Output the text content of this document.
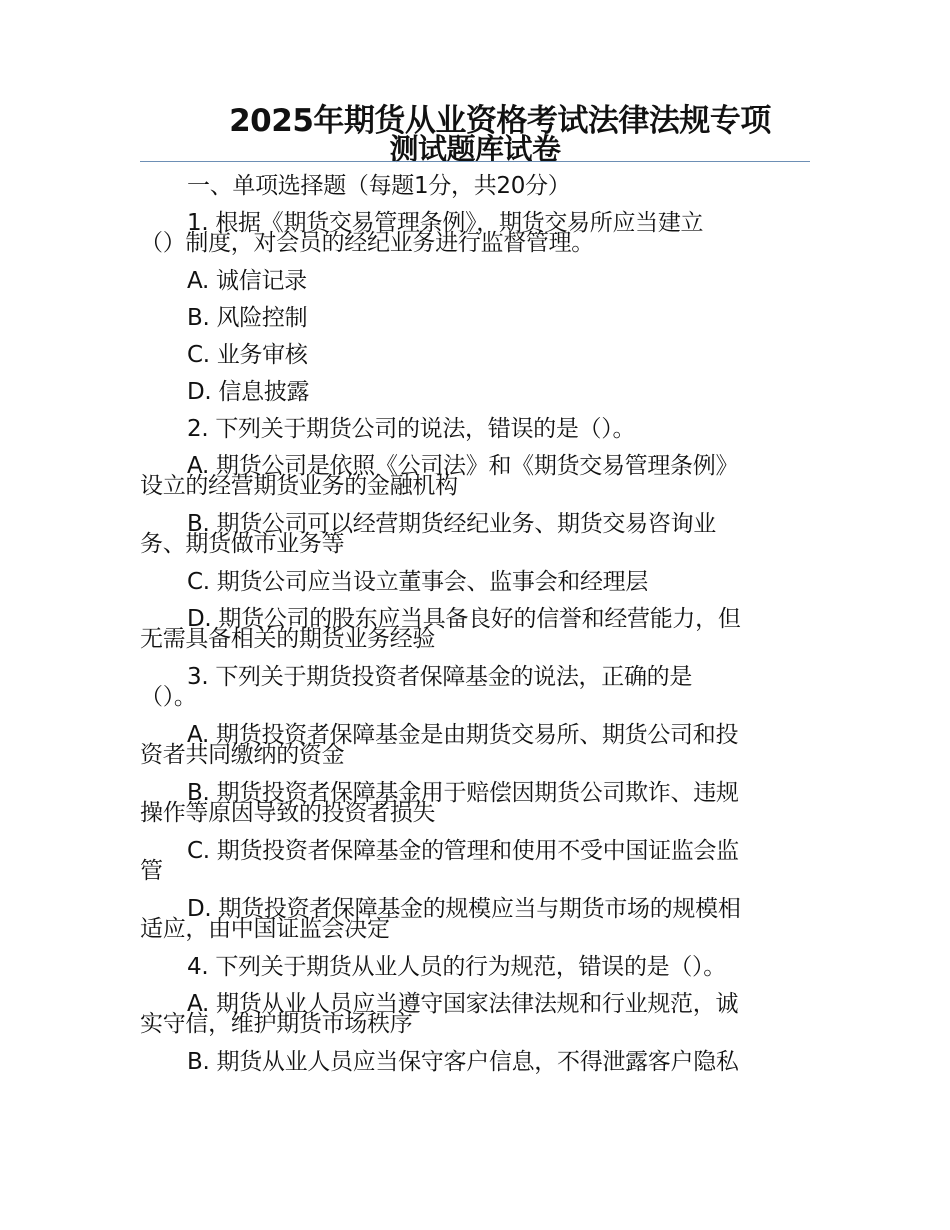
2025年期货从业资格考试法律法规专项
测试题库试卷
一、单项选择题（每题1分，共20分）
1. 根据《期货交易管理条例》，期货交易所应当建立
（）制度，对会员的经纪业务进行监督管理。
A. 诚信记录
B. 风险控制
C. 业务审核
D. 信息披露
2. 下列关于期货公司的说法，错误的是（）。
A. 期货公司是依照《公司法》和《期货交易管理条例》
设立的经营期货业务的金融机构
B. 期货公司可以经营期货经纪业务、期货交易咨询业
务、期货做市业务等
C. 期货公司应当设立董事会、监事会和经理层
D. 期货公司的股东应当具备良好的信誉和经营能力，但
无需具备相关的期货业务经验
3. 下列关于期货投资者保障基金的说法，正确的是
（）。
A. 期货投资者保障基金是由期货交易所、期货公司和投
资者共同缴纳的资金
B. 期货投资者保障基金用于赔偿因期货公司欺诈、违规
操作等原因导致的投资者损失
C. 期货投资者保障基金的管理和使用不受中国证监会监
管
D. 期货投资者保障基金的规模应当与期货市场的规模相
适应，由中国证监会决定
4. 下列关于期货从业人员的行为规范，错误的是（）。
A. 期货从业人员应当遵守国家法律法规和行业规范，诚
实守信，维护期货市场秩序
B. 期货从业人员应当保守客户信息，不得泄露客户隐私
